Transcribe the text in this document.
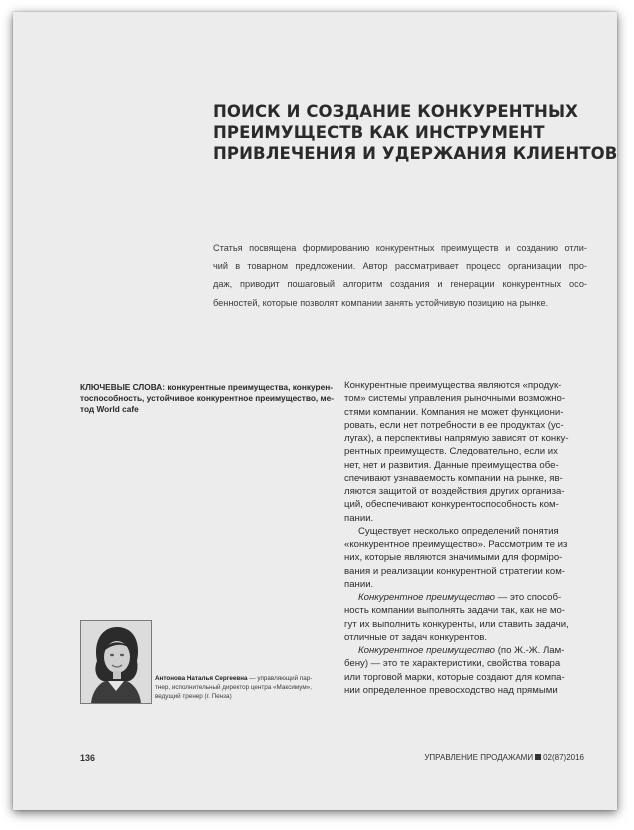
ПОИСК И СОЗДАНИЕ КОНКУРЕНТНЫХ
ПРЕИМУЩЕСТВ КАК ИНСТРУМЕНТ
ПРИВЛЕЧЕНИЯ И УДЕРЖАНИЯ КЛИЕНТОВ
Статья посвящена формированию конкурентных преимуществ и созданию отли-
чий в товарном предложении. Автор рассматривает процесс организации про-
даж, приводит пошаговый алгоритм создания и генерации конкурентных осо-
бенностей, которые позволят компании занять устойчивую позицию на рынке.
КЛЮЧЕВЫЕ СЛОВА: конкурентные преимущества, конкурен-
тоспособность, устойчивое конкурентное преимущество, ме-
тод World cafe
Конкурентные преимущества являются «продук-
том» системы управления рыночными возможно-
стями компании. Компания не может функциони-
ровать, если нет потребности в ее продуктах (ус-
лугах), а перспективы напрямую зависят от конку-
рентных преимуществ. Следовательно, если их
нет, нет и развития. Данные преимущества обе-
спечивают узнаваемость компании на рынке, яв-
ляются защитой от воздействия других организа-
ций, обеспечивают конкурентоспособность ком-
пании.
Существует несколько определений понятия
«конкурентное преимущество». Рассмотрим те из
них, которые являются значимыми для форміро-
вания и реализации конкурентной стратегии ком-
пании.
Конкурентное преимущество — это способ-
ность компании выполнять задачи так, как не мо-
гут их выполнить конкуренты, или ставить задачи,
отличные от задач конкурентов.
Конкурентное преимущество (по Ж.-Ж. Лам-
бену) — это те характеристики, свойства товара
или торговой марки, которые создают для компа-
нии определенное превосходство над прямыми
Антонова Наталья Сергеевна — управляющий пар-
тнер, исполнительный директор центра «Максимум»,
ведущий тренер (г. Пенза)
136	УПРАВЛЕНИЕ ПРОДАЖАМИ 02(87)2016
